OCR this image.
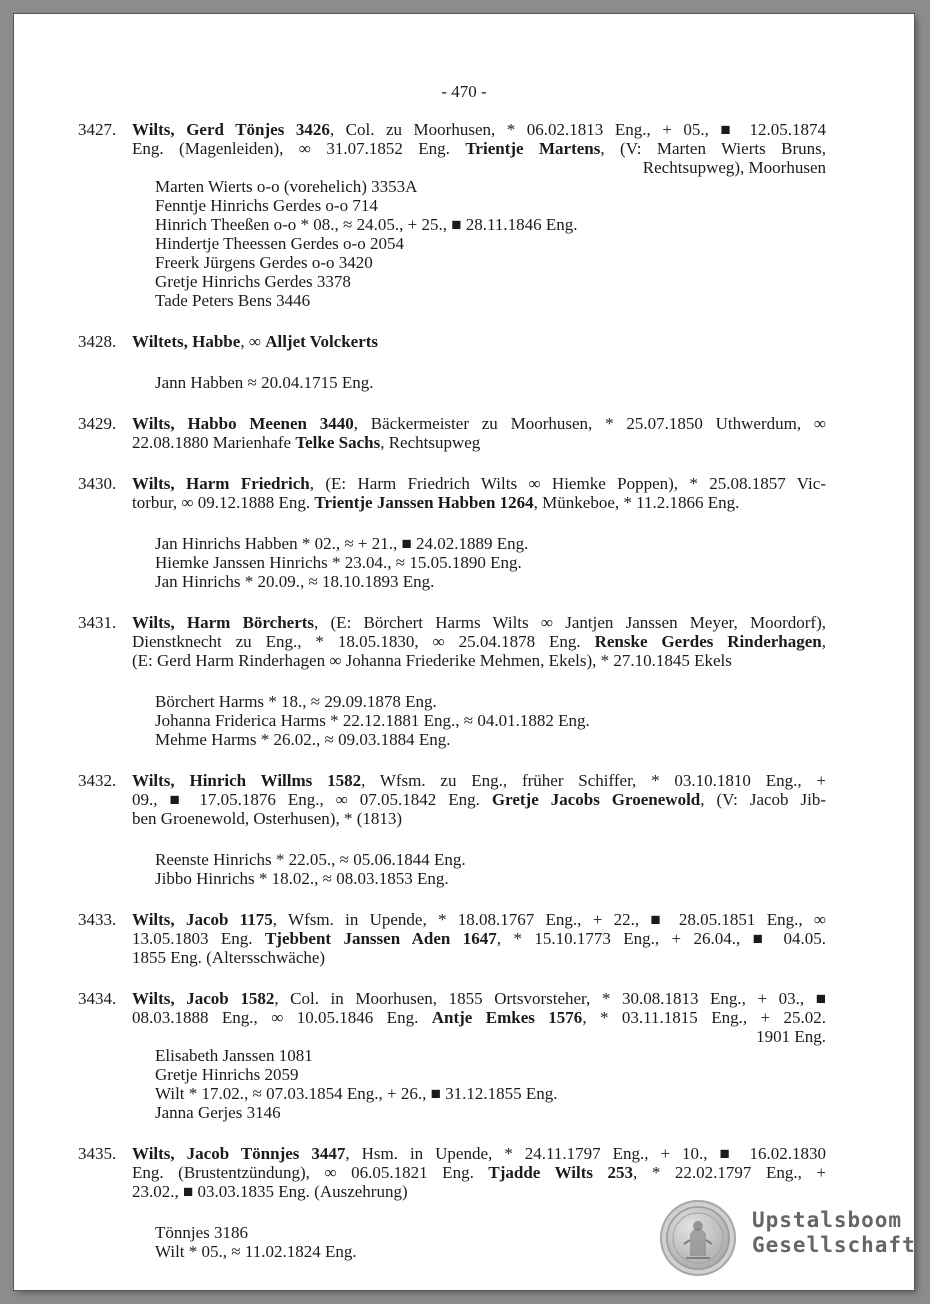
- 470 -
3427. Wilts, Gerd Tönjes 3426, Col. zu Moorhusen, * 06.02.1813 Eng., + 05., ■ 12.05.1874
Eng. (Magenleiden), ∞ 31.07.1852 Eng. Trientje Martens, (V: Marten Wierts Bruns,
Rechtsupweg), Moorhusen
Marten Wierts o-o (vorehelich) 3353A
Fenntje Hinrichs Gerdes o-o 714
Hinrich Theeßen o-o * 08., ≈ 24.05., + 25., ■ 28.11.1846 Eng.
Hindertje Theessen Gerdes o-o 2054
Freerk Jürgens Gerdes o-o 3420
Gretje Hinrichs Gerdes 3378
Tade Peters Bens 3446
3428. Wiltets, Habbe, ∞ Alljet Volckerts
Jann Habben ≈ 20.04.1715 Eng.
3429. Wilts, Habbo Meenen 3440, Bäckermeister zu Moorhusen, * 25.07.1850 Uthwerdum, ∞
22.08.1880 Marienhafe Telke Sachs, Rechtsupweg
3430. Wilts, Harm Friedrich, (E: Harm Friedrich Wilts ∞ Hiemke Poppen), * 25.08.1857 Vic-
torbur, ∞ 09.12.1888 Eng. Trientje Janssen Habben 1264, Münkeboe, * 11.2.1866 Eng.
Jan Hinrichs Habben * 02., ≈ + 21., ■ 24.02.1889 Eng.
Hiemke Janssen Hinrichs * 23.04., ≈ 15.05.1890 Eng.
Jan Hinrichs * 20.09., ≈ 18.10.1893 Eng.
3431. Wilts, Harm Börcherts, (E: Börchert Harms Wilts ∞ Jantjen Janssen Meyer, Moordorf),
Dienstknecht zu Eng., * 18.05.1830, ∞ 25.04.1878 Eng. Renske Gerdes Rinderhagen,
(E: Gerd Harm Rinderhagen ∞ Johanna Friederike Mehmen, Ekels), * 27.10.1845 Ekels
Börchert Harms * 18., ≈ 29.09.1878 Eng.
Johanna Friderica Harms * 22.12.1881 Eng., ≈ 04.01.1882 Eng.
Mehme Harms * 26.02., ≈ 09.03.1884 Eng.
3432. Wilts, Hinrich Willms 1582, Wfsm. zu Eng., früher Schiffer, * 03.10.1810 Eng., +
09., ■ 17.05.1876 Eng., ∞ 07.05.1842 Eng. Gretje Jacobs Groenewold, (V: Jacob Jib-
ben Groenewold, Osterhusen), * (1813)
Reenste Hinrichs * 22.05., ≈ 05.06.1844 Eng.
Jibbo Hinrichs * 18.02., ≈ 08.03.1853 Eng.
3433. Wilts, Jacob 1175, Wfsm. in Upende, * 18.08.1767 Eng., + 22., ■ 28.05.1851 Eng., ∞
13.05.1803 Eng. Tjebbent Janssen Aden 1647, * 15.10.1773 Eng., + 26.04., ■ 04.05.
1855 Eng. (Altersschwäche)
3434. Wilts, Jacob 1582, Col. in Moorhusen, 1855 Ortsvorsteher, * 30.08.1813 Eng., + 03., ■
08.03.1888 Eng., ∞ 10.05.1846 Eng. Antje Emkes 1576, * 03.11.1815 Eng., + 25.02.
1901 Eng.
Elisabeth Janssen 1081
Gretje Hinrichs 2059
Wilt * 17.02., ≈ 07.03.1854 Eng., + 26., ■ 31.12.1855 Eng.
Janna Gerjes 3146
3435. Wilts, Jacob Tönnjes 3447, Hsm. in Upende, * 24.11.1797 Eng., + 10., ■ 16.02.1830
Eng. (Brustentzündung), ∞ 06.05.1821 Eng. Tjadde Wilts 253, * 22.02.1797 Eng., +
23.02., ■ 03.03.1835 Eng. (Auszehrung)
Tönnjes 3186
Wilt * 05., ≈ 11.02.1824 Eng.
Upstalsboom
Gesellschaft
